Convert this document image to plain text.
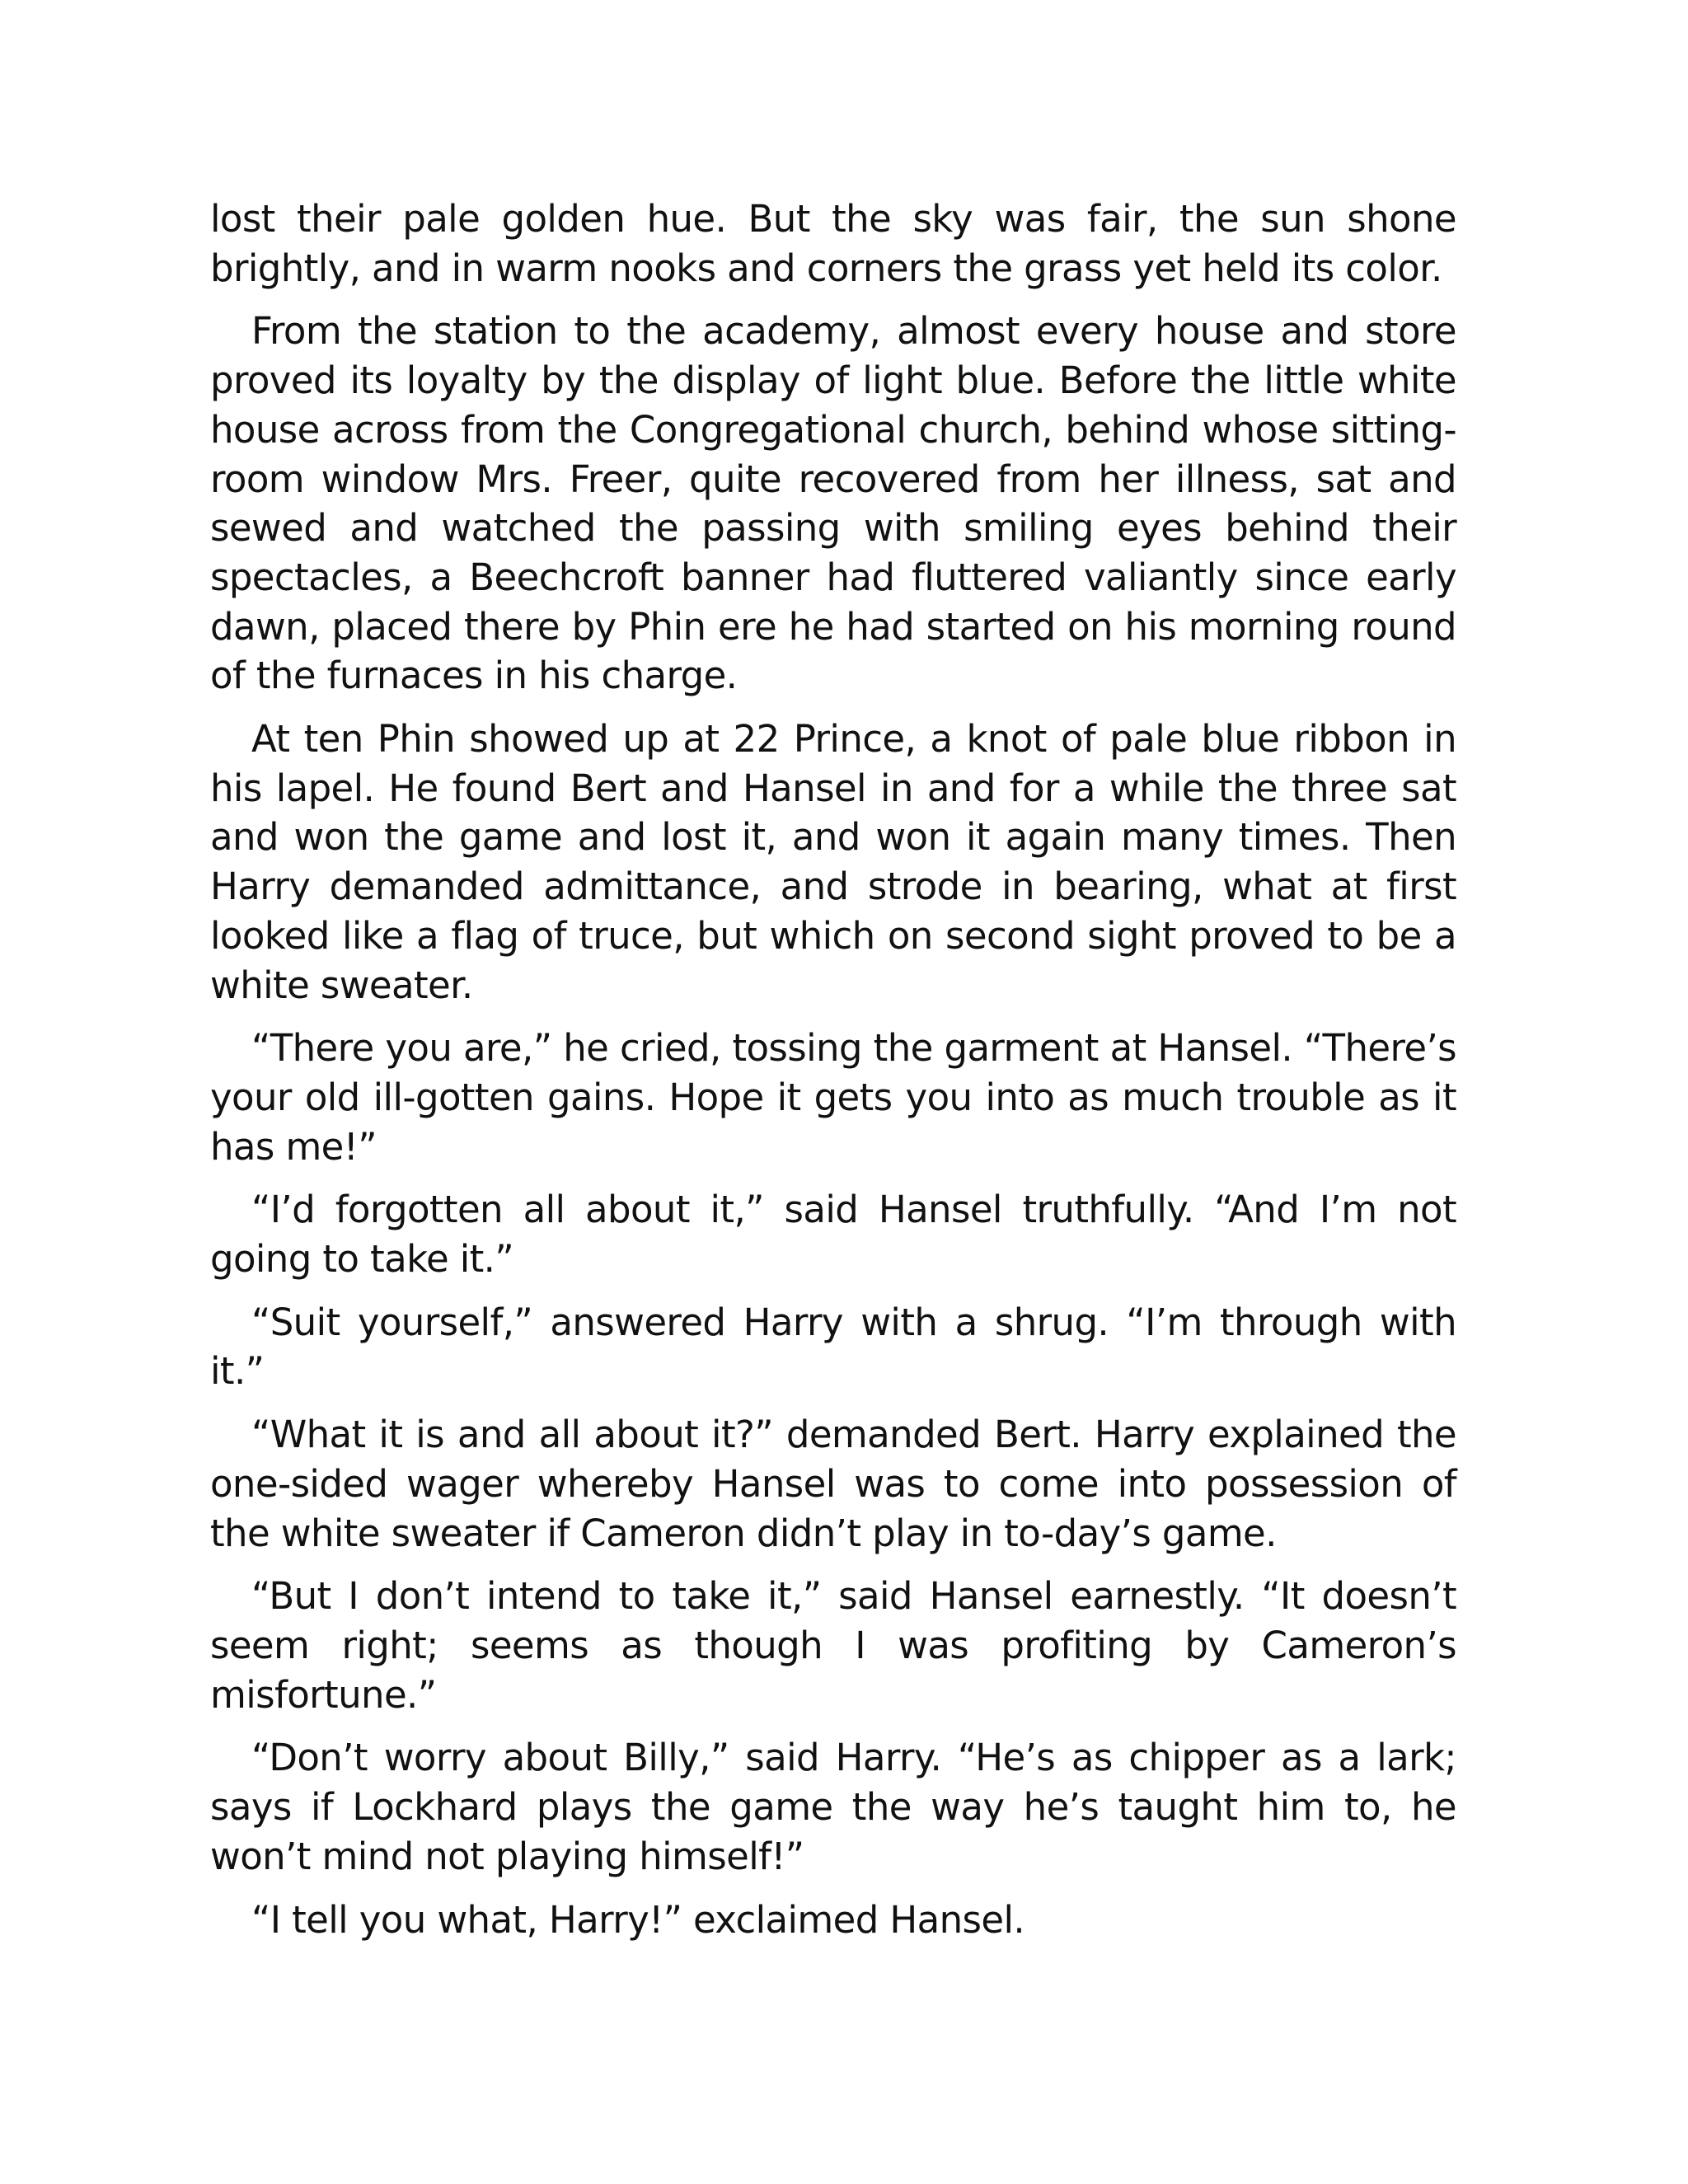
lost their pale golden hue. But the sky was fair, the sun shone brightly, and in warm nooks and corners the grass yet held its color.

From the station to the academy, almost every house and store proved its loyalty by the display of light blue. Before the little white house across from the Congregational church, behind whose sitting-room window Mrs. Freer, quite recovered from her illness, sat and sewed and watched the passing with smiling eyes behind their spectacles, a Beechcroft banner had fluttered valiantly since early dawn, placed there by Phin ere he had started on his morning round of the furnaces in his charge.

At ten Phin showed up at 22 Prince, a knot of pale blue ribbon in his lapel. He found Bert and Hansel in and for a while the three sat and won the game and lost it, and won it again many times. Then Harry demanded admittance, and strode in bearing, what at first looked like a flag of truce, but which on second sight proved to be a white sweater.

“There you are,” he cried, tossing the garment at Hansel. “There’s your old ill-gotten gains. Hope it gets you into as much trouble as it has me!”

“I’d forgotten all about it,” said Hansel truthfully. “And I’m not going to take it.”

“Suit yourself,” answered Harry with a shrug. “I’m through with it.”

“What it is and all about it?” demanded Bert. Harry explained the one-sided wager whereby Hansel was to come into possession of the white sweater if Cameron didn’t play in to-day’s game.

“But I don’t intend to take it,” said Hansel earnestly. “It doesn’t seem right; seems as though I was profiting by Cameron’s misfortune.”

“Don’t worry about Billy,” said Harry. “He’s as chipper as a lark; says if Lockhard plays the game the way he’s taught him to, he won’t mind not playing himself!”

“I tell you what, Harry!” exclaimed Hansel.
